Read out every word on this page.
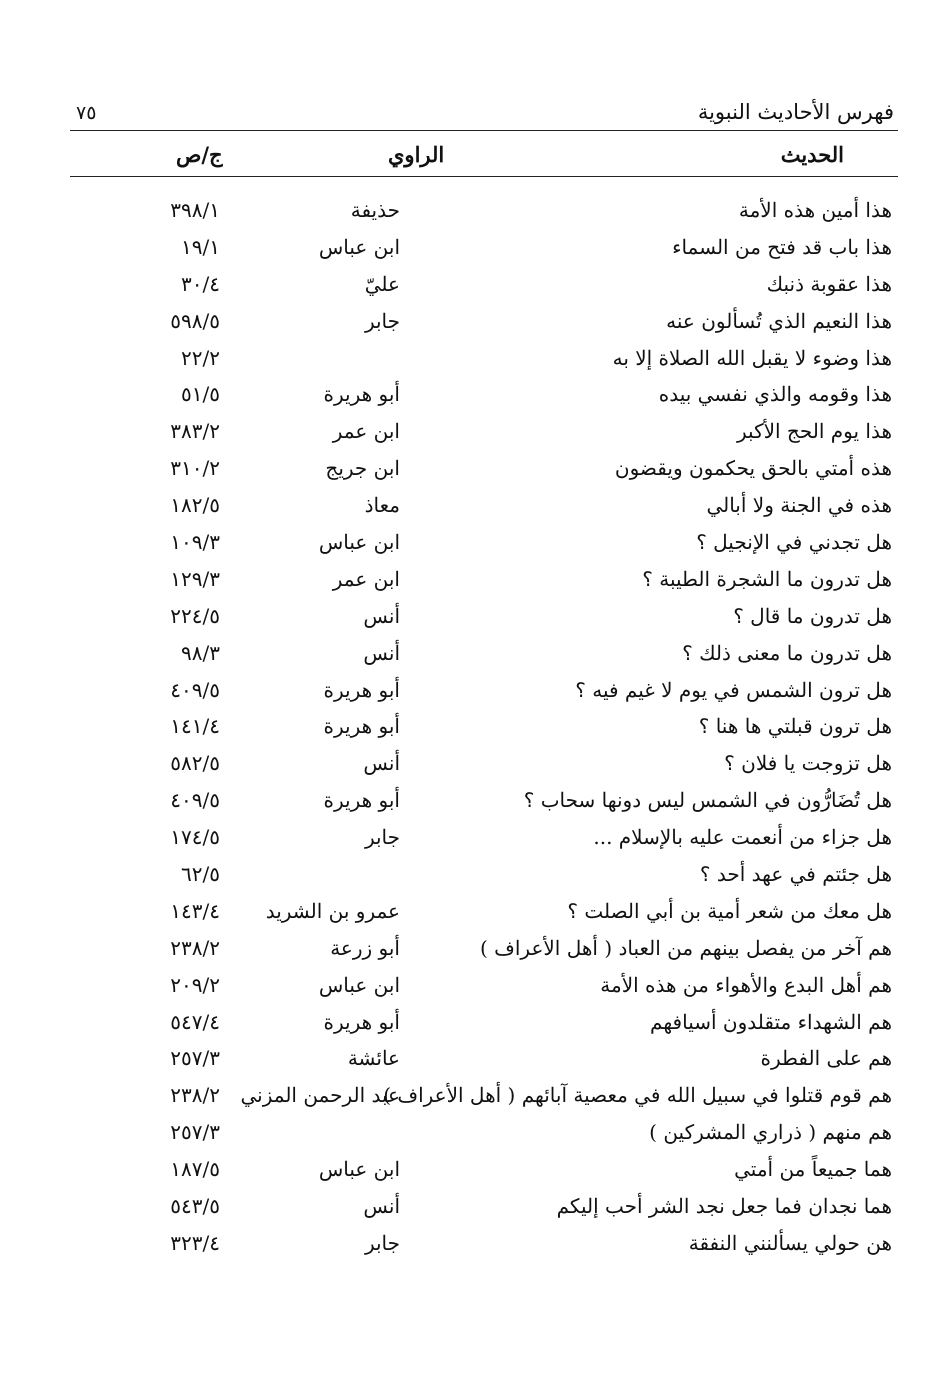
فهرس الأحاديث النبوية
٧٥
الحديث
الراوي
ج/ص
هذا أمين هذه الأمة
حذيفة
٣٩٨/١
هذا باب قد فتح من السماء
ابن عباس
١٩/١
هذا عقوبة ذنبك
عليّ
٣٠/٤
هذا النعيم الذي تُسألون عنه
جابر
٥٩٨/٥
هذا وضوء لا يقبل الله الصلاة إلا به
٢٢/٢
هذا وقومه والذي نفسي بيده
أبو هريرة
٥١/٥
هذا يوم الحج الأكبر
ابن عمر
٣٨٣/٢
هذه أمتي بالحق يحكمون ويقضون
ابن جريج
٣١٠/٢
هذه في الجنة ولا أبالي
معاذ
١٨٢/٥
هل تجدني في الإنجيل ؟
ابن عباس
١٠٩/٣
هل تدرون ما الشجرة الطيبة ؟
ابن عمر
١٢٩/٣
هل تدرون ما قال ؟
أنس
٢٢٤/٥
هل تدرون ما معنى ذلك ؟
أنس
٩٨/٣
هل ترون الشمس في يوم لا غيم فيه ؟
أبو هريرة
٤٠٩/٥
هل ترون قبلتي ها هنا ؟
أبو هريرة
١٤١/٤
هل تزوجت يا فلان ؟
أنس
٥٨٢/٥
هل تُضَارُّون في الشمس ليس دونها سحاب ؟
أبو هريرة
٤٠٩/٥
هل جزاء من أنعمت عليه بالإسلام ...
جابر
١٧٤/٥
هل جئتم في عهد أحد ؟
٦٢/٥
هل معك من شعر أمية بن أبي الصلت ؟
عمرو بن الشريد
١٤٣/٤
هم آخر من يفصل بينهم من العباد ( أهل الأعراف )
أبو زرعة
٢٣٨/٢
هم أهل البدع والأهواء من هذه الأمة
ابن عباس
٢٠٩/٢
هم الشهداء متقلدون أسيافهم
أبو هريرة
٥٤٧/٤
هم على الفطرة
عائشة
٢٥٧/٣
هم قوم قتلوا في سبيل الله في معصية آبائهم ( أهل الأعراف )
عبد الرحمن المزني
٢٣٨/٢
هم منهم ( ذراري المشركين )
٢٥٧/٣
هما جميعاً من أمتي
ابن عباس
١٨٧/٥
هما نجدان فما جعل نجد الشر أحب إليكم
أنس
٥٤٣/٥
هن حولي يسألنني النفقة
جابر
٣٢٣/٤
